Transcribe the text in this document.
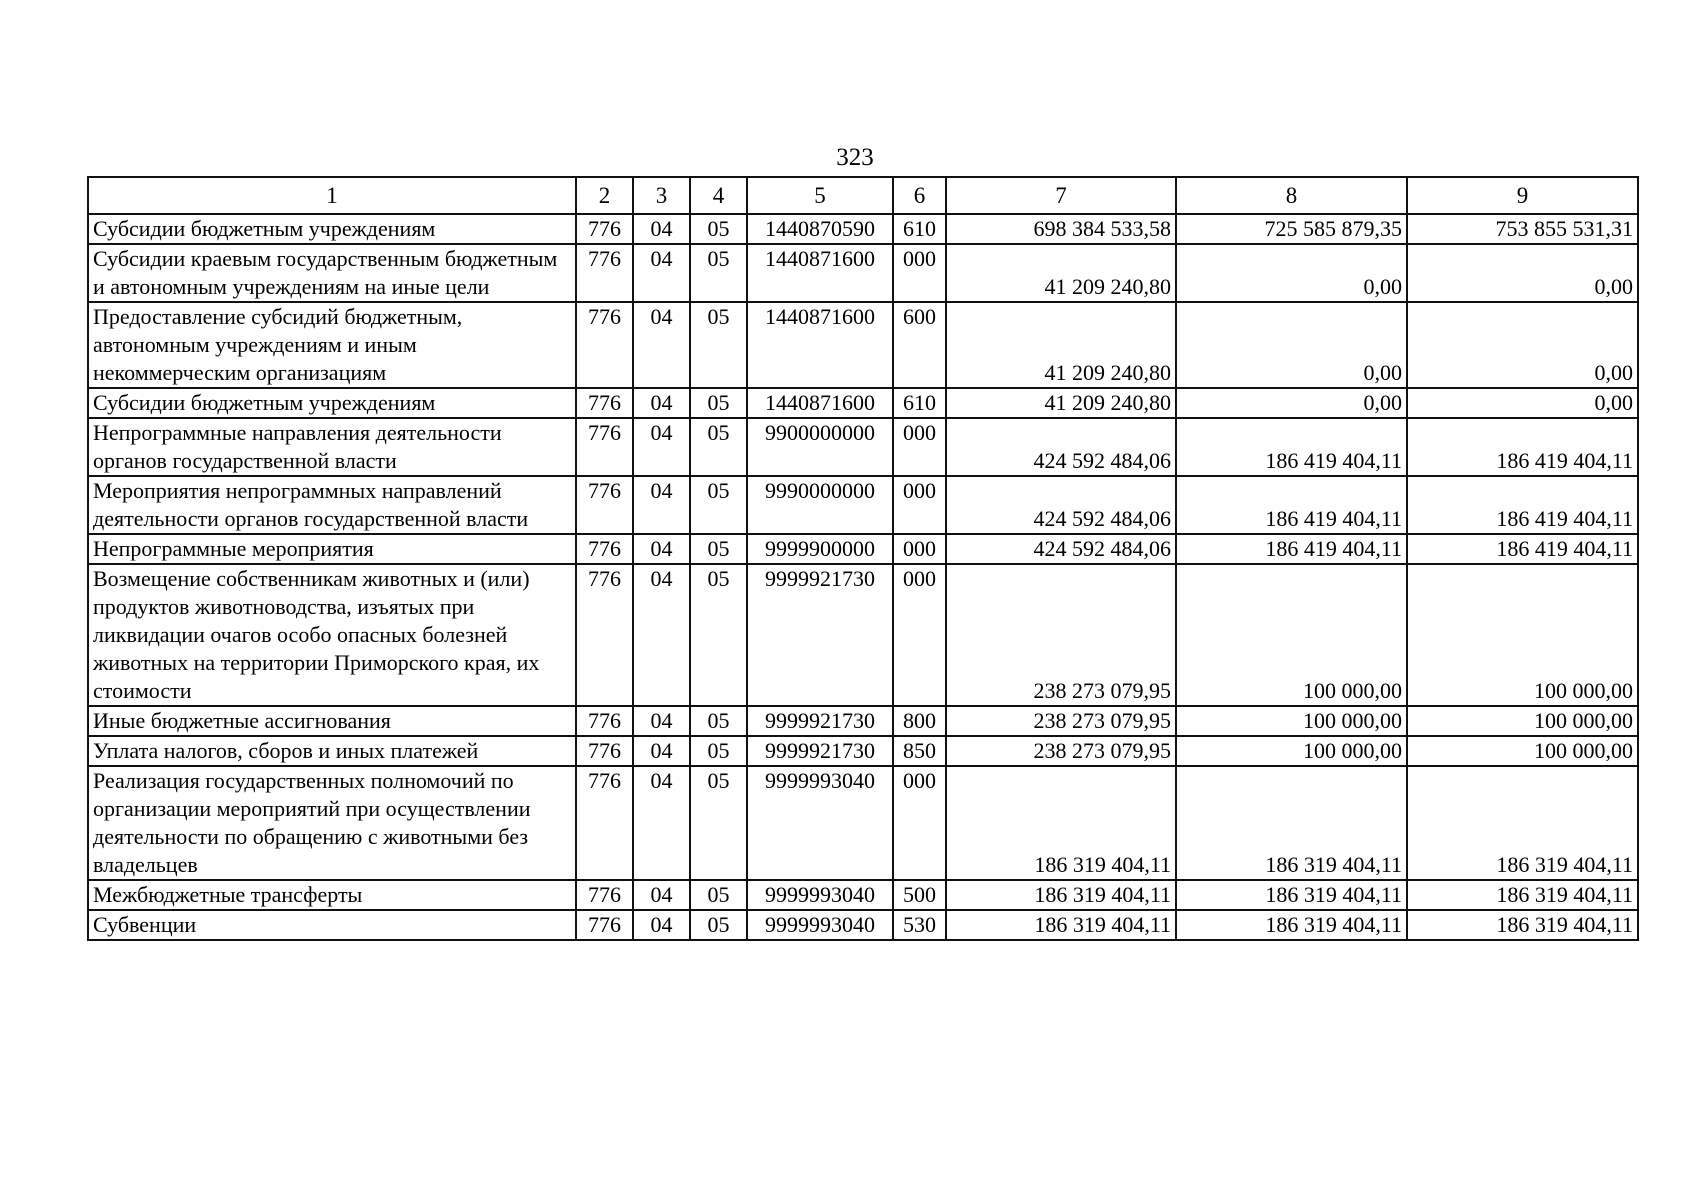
323
1	2	3	4	5	6	7	8	9
Субсидии бюджетным учреждениям	776	04	05	1440870590	610	698 384 533,58	725 585 879,35	753 855 531,31
Субсидии краевым государственным бюджетным и автономным учреждениям на иные цели	776	04	05	1440871600	000	41 209 240,80	0,00	0,00
Предоставление субсидий бюджетным, автономным учреждениям и иным некоммерческим организациям	776	04	05	1440871600	600	41 209 240,80	0,00	0,00
Субсидии бюджетным учреждениям	776	04	05	1440871600	610	41 209 240,80	0,00	0,00
Непрограммные направления деятельности органов государственной власти	776	04	05	9900000000	000	424 592 484,06	186 419 404,11	186 419 404,11
Мероприятия непрограммных направлений деятельности органов государственной власти	776	04	05	9990000000	000	424 592 484,06	186 419 404,11	186 419 404,11
Непрограммные мероприятия	776	04	05	9999900000	000	424 592 484,06	186 419 404,11	186 419 404,11
Возмещение собственникам животных и (или) продуктов животноводства, изъятых при ликвидации очагов особо опасных болезней животных на территории Приморского края, их стоимости	776	04	05	9999921730	000	238 273 079,95	100 000,00	100 000,00
Иные бюджетные ассигнования	776	04	05	9999921730	800	238 273 079,95	100 000,00	100 000,00
Уплата налогов, сборов и иных платежей	776	04	05	9999921730	850	238 273 079,95	100 000,00	100 000,00
Реализация государственных полномочий по организации мероприятий при осуществлении деятельности по обращению с животными без владельцев	776	04	05	9999993040	000	186 319 404,11	186 319 404,11	186 319 404,11
Межбюджетные трансферты	776	04	05	9999993040	500	186 319 404,11	186 319 404,11	186 319 404,11
Субвенции	776	04	05	9999993040	530	186 319 404,11	186 319 404,11	186 319 404,11
